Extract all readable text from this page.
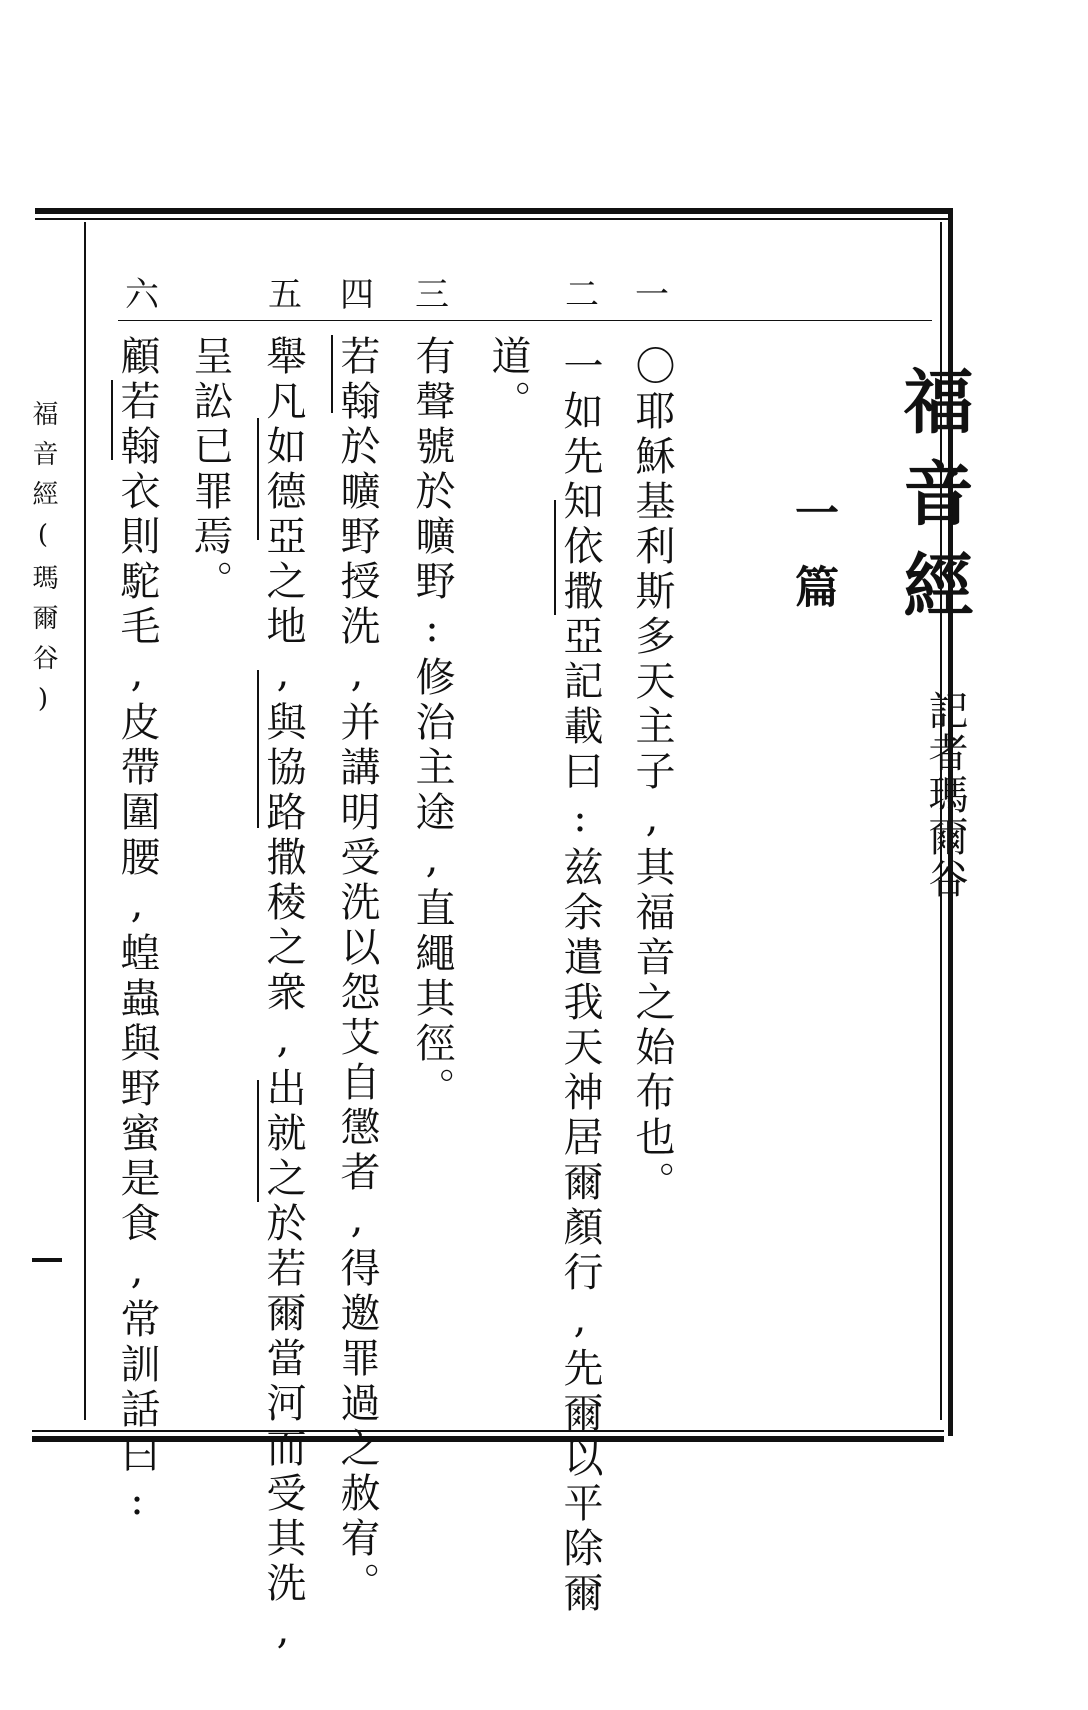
福音經(瑪爾谷)	福音經
記者瑪爾谷
一篇
一
二
三
四
五
六
〇耶穌基利斯多天主子,其福音之始布也。
一如先知依撒亞記載曰:兹余遣我天神居爾顏行,先爾以平除爾
道。
有聲號於曠野:修治主途,直繩其徑。
若翰於曠野授洗,并講明受洗以怨艾自懲者,得邀罪過之赦宥。
舉凡如德亞之地,與協路撒稜之衆,出就之於若爾當河而受其洗,
呈訟已罪焉。
顧若翰衣則駝毛,皮帶圍腰,蝗蟲與野蜜是食,常訓話曰:
